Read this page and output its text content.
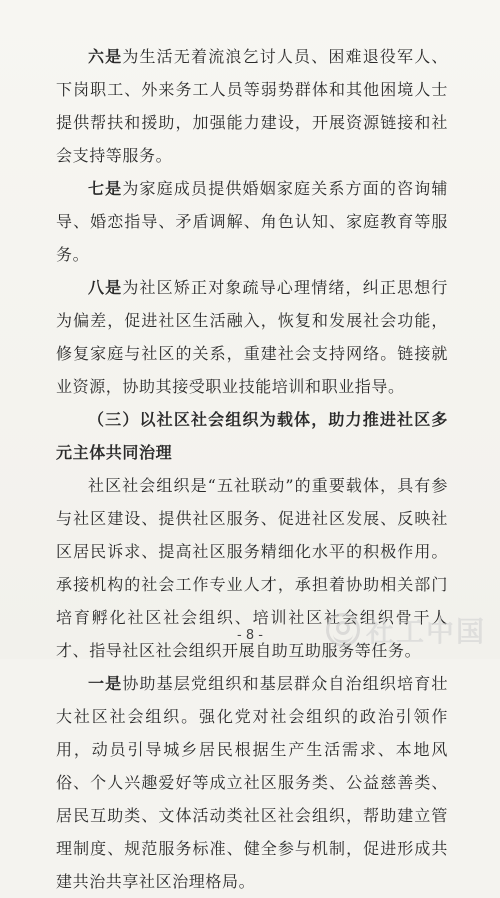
六是为生活无着流浪乞讨人员、困难退役军人、下岗职工、外来务工人员等弱势群体和其他困境人士提供帮扶和援助，加强能力建设，开展资源链接和社会支持等服务。

七是为家庭成员提供婚姻家庭关系方面的咨询辅导、婚恋指导、矛盾调解、角色认知、家庭教育等服务。

八是为社区矫正对象疏导心理情绪，纠正思想行为偏差，促进社区生活融入，恢复和发展社会功能，修复家庭与社区的关系，重建社会支持网络。链接就业资源，协助其接受职业技能培训和职业指导。

（三）以社区社会组织为载体，助力推进社区多元主体共同治理

社区社会组织是“五社联动”的重要载体，具有参与社区建设、提供社区服务、促进社区发展、反映社区居民诉求、提高社区服务精细化水平的积极作用。承接机构的社会工作专业人才，承担着协助相关部门培育孵化社区社会组织、培训社区社会组织骨干人才、指导社区社会组织开展自助互助服务等任务。

一是协助基层党组织和基层群众自治组织培育壮大社区社会组织。强化党对社会组织的政治引领作用，动员引导城乡居民根据生产生活需求、本地风俗、个人兴趣爱好等成立社区服务类、公益慈善类、居民互助类、文体活动类社区社会组织，帮助建立管理制度、规范服务标准、健全参与机制，促进形成共建共治共享社区治理格局。

- 8 -	社工中国
